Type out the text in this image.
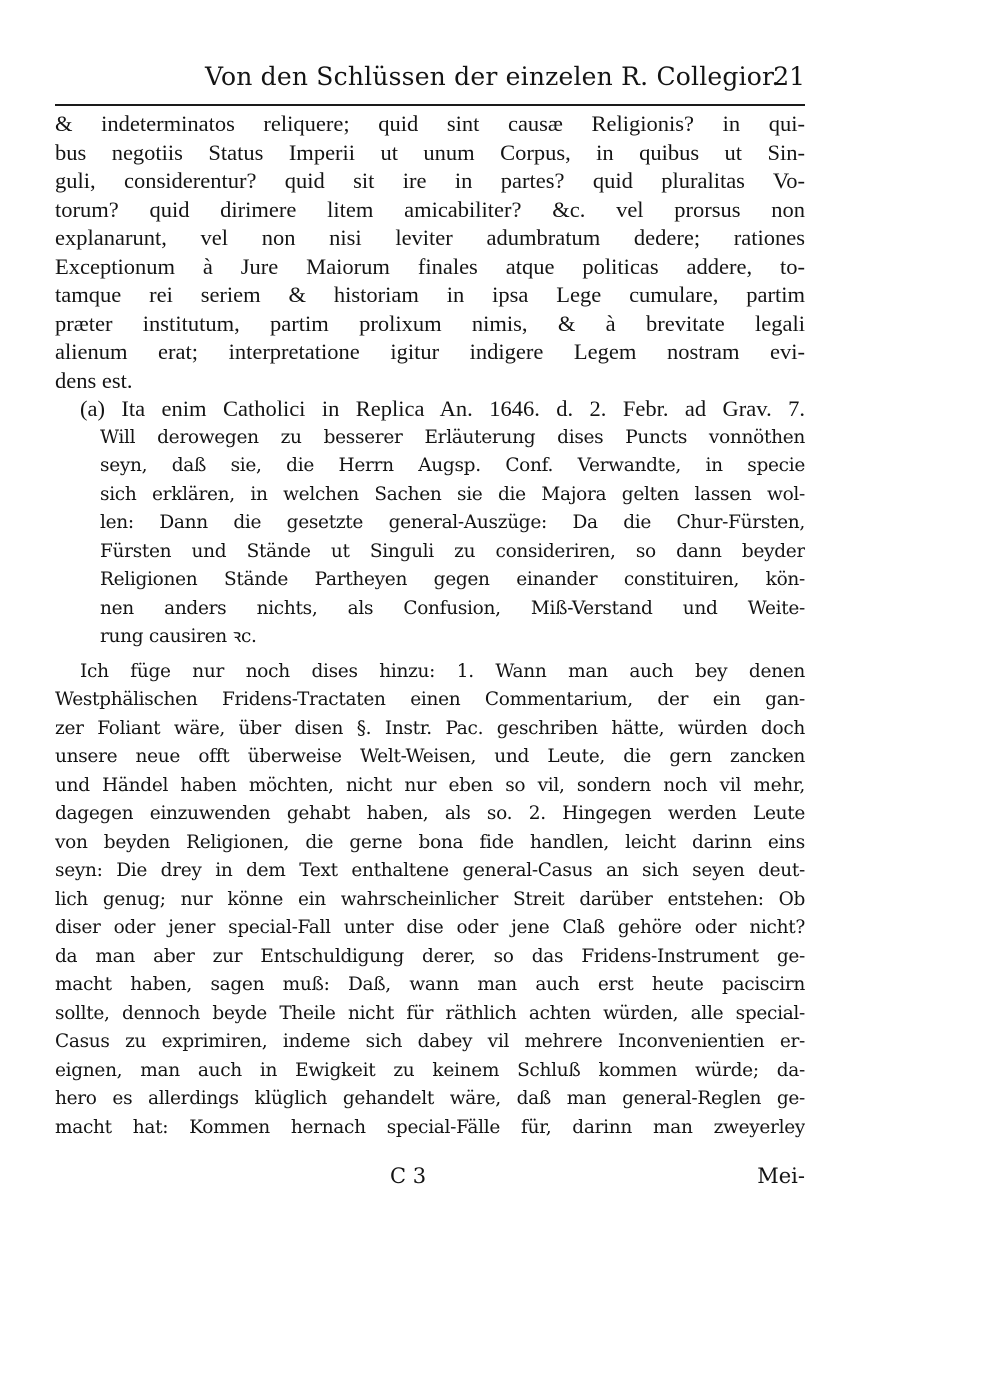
Von den Schlüssen der einzelen R. Collegior.
21
& indeterminatos reliquere; quid sint causæ Religionis? in qui-
bus negotiis Status Imperii ut unum Corpus, in quibus ut Sin-
guli, considerentur? quid sit ire in partes? quid pluralitas Vo-
torum? quid dirimere litem amicabiliter? &c. vel prorsus non
explanarunt, vel non nisi leviter adumbratum dedere; rationes
Exceptionum à Jure Maiorum finales atque politicas addere, to-
tamque rei seriem & historiam in ipsa Lege cumulare, partim
præter institutum, partim prolixum nimis, & à brevitate legali
alienum erat; interpretatione igitur indigere Legem nostram evi-
dens est.
(a) Ita enim Catholici in Replica An. 1646. d. 2. Febr. ad Grav. 7.
Will derowegen zu besserer Erläuterung dises Puncts vonnöthen
seyn, daß sie, die Herrn Augsp. Conf. Verwandte, in specie
sich erklären, in welchen Sachen sie die Majora gelten lassen wol-
len: Dann die gesetzte general-Auszüge: Da die Chur-Fürsten,
Fürsten und Stände ut Singuli zu consideriren, so dann beyder
Religionen Stände Partheyen gegen einander constituiren, kön-
nen anders nichts, als Confusion, Miß-Verstand und Weite-
rung causiren ꝛc.
Ich füge nur noch dises hinzu: 1. Wann man auch bey denen
Westphälischen Fridens-Tractaten einen Commentarium, der ein gan-
zer Foliant wäre, über disen §. Instr. Pac. geschriben hätte, würden doch
unsere neue offt überweise Welt-Weisen, und Leute, die gern zancken
und Händel haben möchten, nicht nur eben so vil, sondern noch vil mehr,
dagegen einzuwenden gehabt haben, als so. 2. Hingegen werden Leute
von beyden Religionen, die gerne bona fide handlen, leicht darinn eins
seyn: Die drey in dem Text enthaltene general-Casus an sich seyen deut-
lich genug; nur könne ein wahrscheinlicher Streit darüber entstehen: Ob
diser oder jener special-Fall unter dise oder jene Claß gehöre oder nicht?
da man aber zur Entschuldigung derer, so das Fridens-Instrument ge-
macht haben, sagen muß: Daß, wann man auch erst heute paciscirn
sollte, dennoch beyde Theile nicht für räthlich achten würden, alle special-
Casus zu exprimiren, indeme sich dabey vil mehrere Inconvenientien er-
eignen, man auch in Ewigkeit zu keinem Schluß kommen würde; da-
hero es allerdings klüglich gehandelt wäre, daß man general-Reglen ge-
macht hat: Kommen hernach special-Fälle für, darinn man zweyerley
C 3	Mei-
